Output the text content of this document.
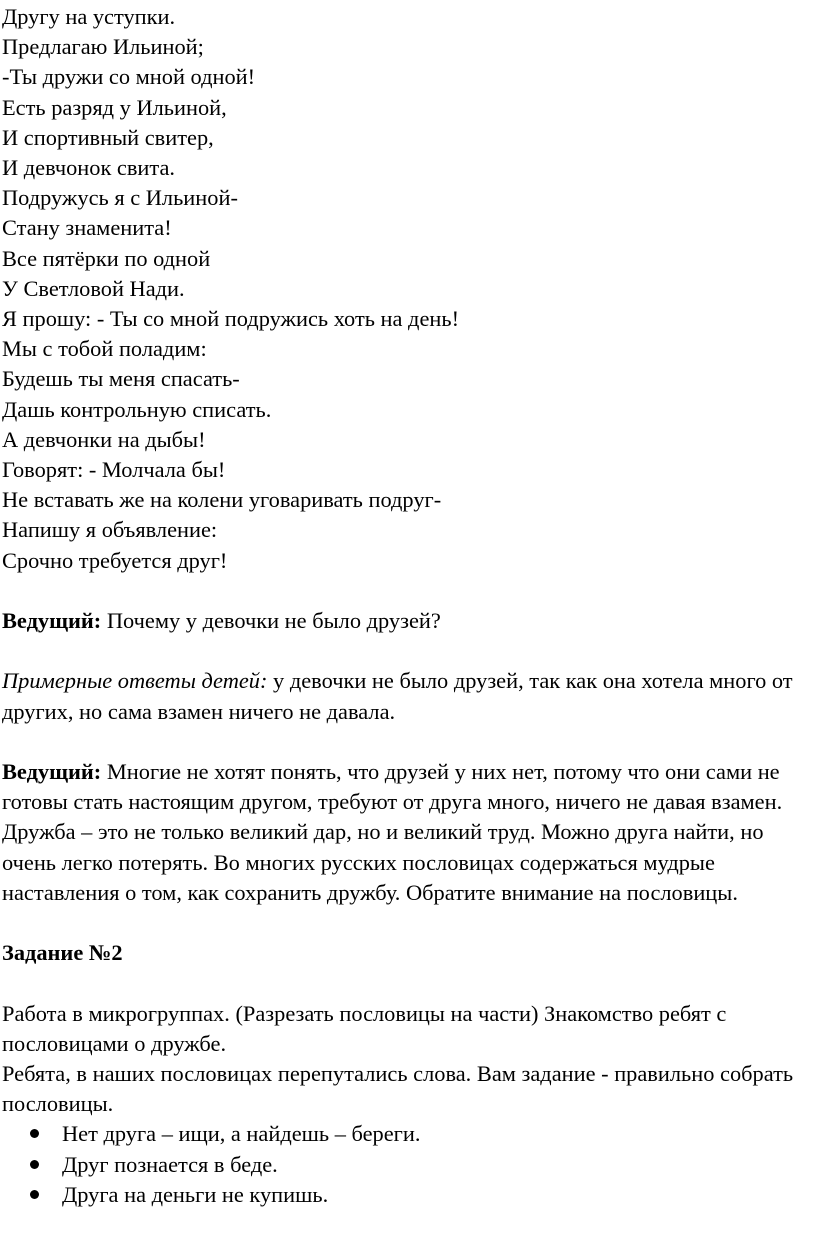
Другу на уступки.

Предлагаю Ильиной;

-Ты дружи со мной одной!

Есть разряд у Ильиной,

И спортивный свитер,

И девчонок свита.

Подружусь я с Ильиной-

Стану знаменита!

Все пятёрки по одной

У Светловой Нади.

Я прошу: - Ты со мной подружись хоть на день!

Мы с тобой поладим:

Будешь ты меня спасать-

Дашь контрольную списать.

А девчонки на дыбы!

Говорят: - Молчала бы!

Не вставать же на колени уговаривать подруг-

Напишу я объявление:

Срочно требуется друг!

Ведущий: Почему у девочки не было друзей?

Примерные ответы детей: у девочки не было друзей, так как она хотела много от других, но сама взамен ничего не давала.

Ведущий: Многие не хотят понять, что друзей у них нет, потому что они сами не готовы стать настоящим другом, требуют от друга много, ничего не давая взамен.

Дружба – это не только великий дар, но и великий труд. Можно друга найти, но очень легко потерять. Во многих русских пословицах содержаться мудрые наставления о том, как сохранить дружбу. Обратите внимание на пословицы.

Задание №2

Работа в микрогруппах. (Разрезать пословицы на части) Знакомство ребят с пословицами о дружбе.

Ребята, в наших пословицах перепутались слова. Вам задание - правильно собрать пословицы.

Нет друга – ищи, а найдешь – береги.
Друг познается в беде.
Друга на деньги не купишь.
